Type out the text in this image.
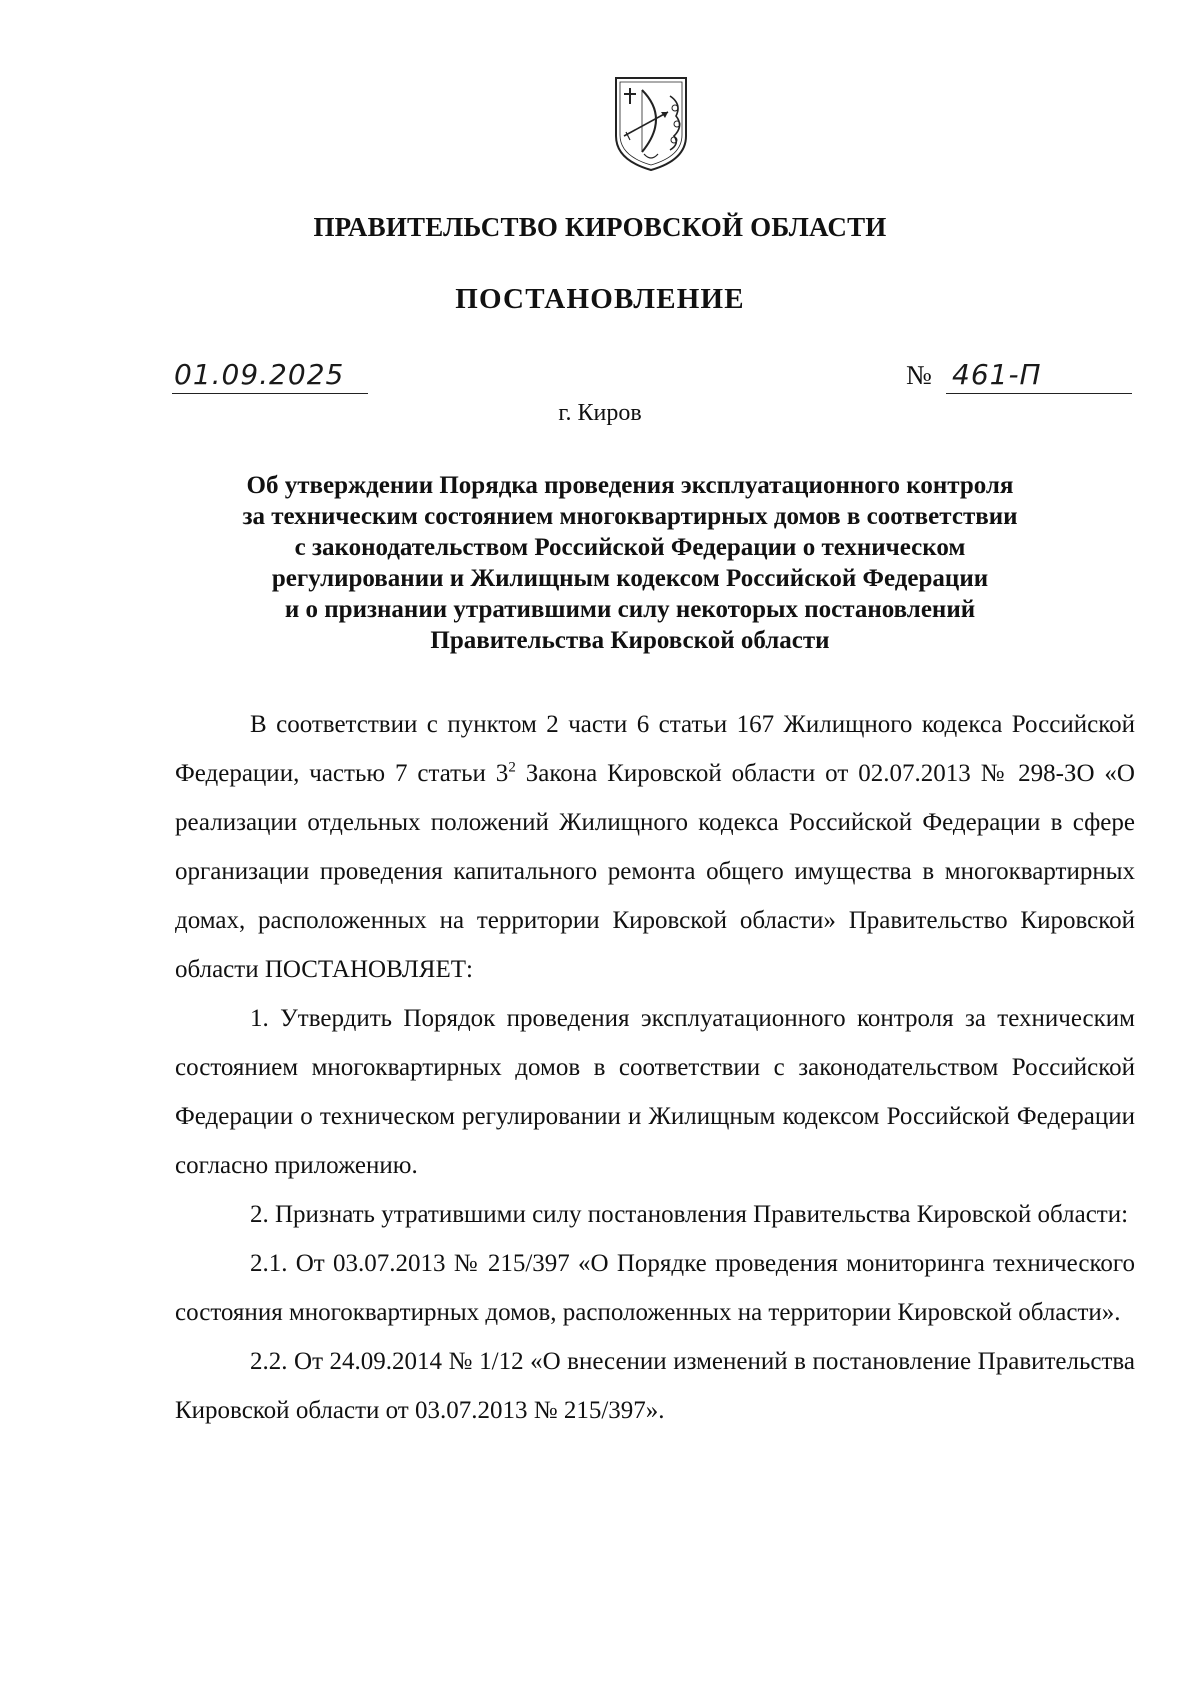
ПРАВИТЕЛЬСТВО КИРОВСКОЙ ОБЛАСТИ
ПОСТАНОВЛЕНИЕ
01.09.2025	№ 461-П
г. Киров
Об утверждении Порядка проведения эксплуатационного контроля
за техническим состоянием многоквартирных домов в соответствии
с законодательством Российской Федерации о техническом
регулировании и Жилищным кодексом Российской Федерации
и о признании утратившими силу некоторых постановлений
Правительства Кировской области

В соответствии с пунктом 2 части 6 статьи 167 Жилищного кодекса Российской Федерации, частью 7 статьи $3^2$ Закона Кировской области от 02.07.2013 № 298-ЗО «О реализации отдельных положений Жилищного кодекса Российской Федерации в сфере организации проведения капитального ремонта общего имущества в многоквартирных домах, расположенных на территории Кировской области» Правительство Кировской области ПОСТАНОВЛЯЕТ:

1. Утвердить Порядок проведения эксплуатационного контроля за техническим состоянием многоквартирных домов в соответствии с законодательством Российской Федерации о техническом регулировании и Жилищным кодексом Российской Федерации согласно приложению.

2. Признать утратившими силу постановления Правительства Кировской области:

2.1. От 03.07.2013 № 215/397 «О Порядке проведения мониторинга технического состояния многоквартирных домов, расположенных на территории Кировской области».

2.2. От 24.09.2014 № 1/12 «О внесении изменений в постановление Правительства Кировской области от 03.07.2013 № 215/397».
